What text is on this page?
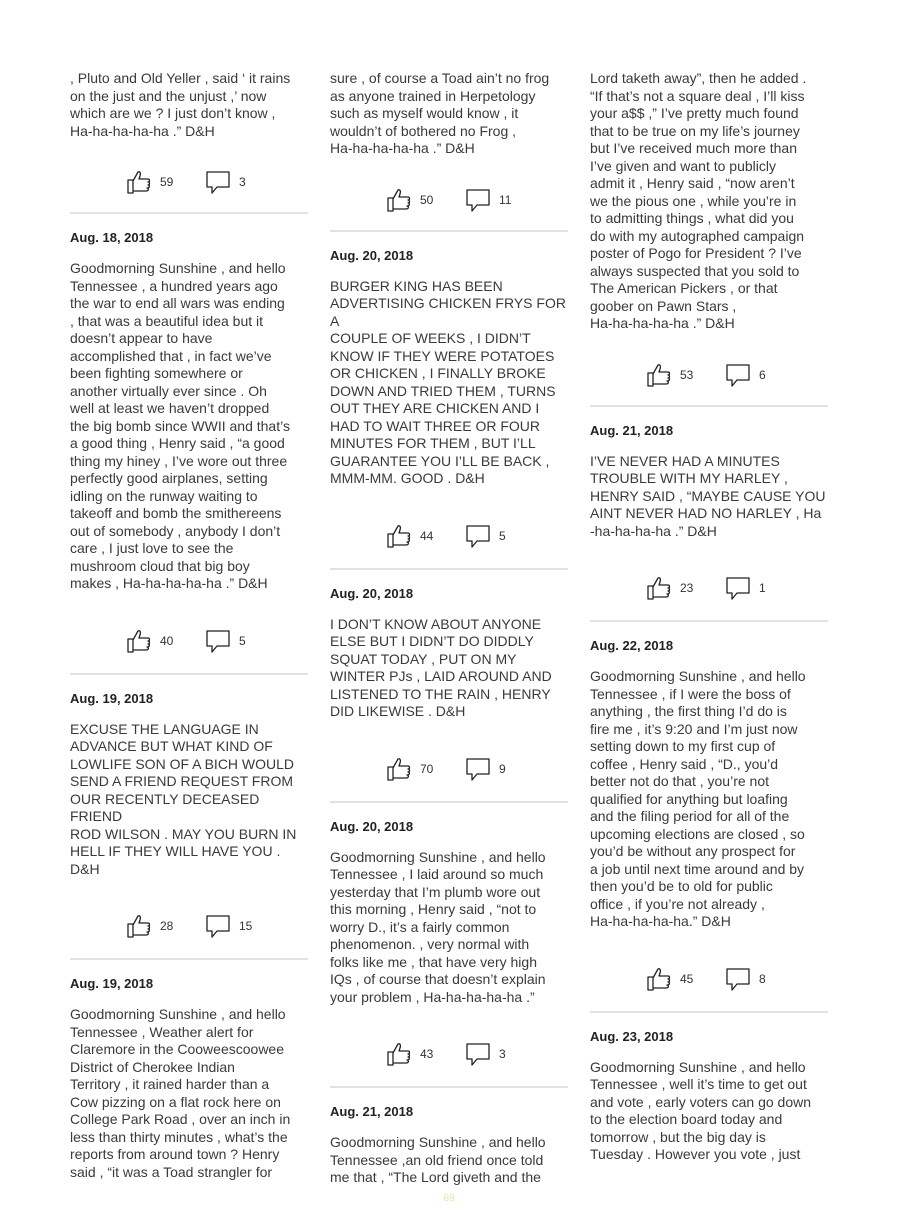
, Pluto and Old Yeller , said ‘ it rains
on the just and the unjust ,’ now
which are we ? I just don’t know ,
Ha-ha-ha-ha-ha .” D&H

59	3

Aug. 18, 2018

Goodmorning Sunshine , and hello
Tennessee , a hundred years ago
the war to end all wars was ending
, that was a beautiful idea but it
doesn’t appear to have
accomplished that , in fact we’ve
been fighting somewhere or
another virtually ever since . Oh
well at least we haven’t dropped
the big bomb since WWII and that’s
a good thing , Henry said , “a good
thing my hiney , I’ve wore out three
perfectly good airplanes, setting
idling on the runway waiting to
takeoff and bomb the smithereens
out of somebody , anybody I don’t
care , I just love to see the
mushroom cloud that big boy
makes , Ha-ha-ha-ha-ha .” D&H

40	5

Aug. 19, 2018

EXCUSE THE LANGUAGE IN
ADVANCE BUT WHAT KIND OF
LOWLIFE SON OF A BICH WOULD
SEND A FRIEND REQUEST FROM
OUR RECENTLY DECEASED FRIEND
ROD WILSON . MAY YOU BURN IN
HELL IF THEY WILL HAVE YOU .
D&H

28	15

Aug. 19, 2018

Goodmorning Sunshine , and hello
Tennessee , Weather alert for
Claremore in the Cooweescoowee
District of Cherokee Indian
Territory , it rained harder than a
Cow pizzing on a flat rock here on
College Park Road , over an inch in
less than thirty minutes , what’s the
reports from around town ? Henry
said , “it was a Toad strangler for

sure , of course a Toad ain’t no frog
as anyone trained in Herpetology
such as myself would know , it
wouldn’t of bothered no Frog ,
Ha-ha-ha-ha-ha .” D&H

50	11

Aug. 20, 2018

BURGER KING HAS BEEN
ADVERTISING CHICKEN FRYS FOR A
COUPLE OF WEEKS , I DIDN’T
KNOW IF THEY WERE POTATOES
OR CHICKEN , I FINALLY BROKE
DOWN AND TRIED THEM , TURNS
OUT THEY ARE CHICKEN AND I
HAD TO WAIT THREE OR FOUR
MINUTES FOR THEM , BUT I’LL
GUARANTEE YOU I’LL BE BACK ,
MMM-MM. GOOD . D&H

44	5

Aug. 20, 2018

I DON’T KNOW ABOUT ANYONE
ELSE BUT I DIDN’T DO DIDDLY
SQUAT TODAY , PUT ON MY
WINTER PJs , LAID AROUND AND
LISTENED TO THE RAIN , HENRY
DID LIKEWISE . D&H

70	9

Aug. 20, 2018

Goodmorning Sunshine , and hello
Tennessee , I laid around so much
yesterday that I’m plumb wore out
this morning , Henry said , “not to
worry D., it’s a fairly common
phenomenon. , very normal with
folks like me , that have very high
IQs , of course that doesn’t explain
your problem , Ha-ha-ha-ha-ha .”

43	3

Aug. 21, 2018

Goodmorning Sunshine , and hello
Tennessee ,an old friend once told
me that , “The Lord giveth and the

Lord taketh away”, then he added .
“If that’s not a square deal , I’ll kiss
your a$$ ,” I’ve pretty much found
that to be true on my life’s journey
but I’ve received much more than
I’ve given and want to publicly
admit it , Henry said , “now aren’t
we the pious one , while you’re in
to admitting things , what did you
do with my autographed campaign
poster of Pogo for President ? I’ve
always suspected that you sold to
The American Pickers , or that
goober on Pawn Stars ,
Ha-ha-ha-ha-ha .” D&H

53	6

Aug. 21, 2018

I’VE NEVER HAD A MINUTES
TROUBLE WITH MY HARLEY ,
HENRY SAID , “MAYBE CAUSE YOU
AINT NEVER HAD NO HARLEY , Ha
-ha-ha-ha-ha .” D&H

23	1

Aug. 22, 2018

Goodmorning Sunshine , and hello
Tennessee , if I were the boss of
anything , the first thing I’d do is
fire me , it’s 9:20 and I’m just now
setting down to my first cup of
coffee , Henry said , “D., you’d
better not do that , you’re not
qualified for anything but loafing
and the filing period for all of the
upcoming elections are closed , so
you’d be without any prospect for
a job until next time around and by
then you’d be to old for public
office , if you’re not already ,
Ha-ha-ha-ha-ha.” D&H

45	8

Aug. 23, 2018

Goodmorning Sunshine , and hello
Tennessee , well it’s time to get out
and vote , early voters can go down
to the election board today and
tomorrow , but the big day is
Tuesday . However you vote , just

69
